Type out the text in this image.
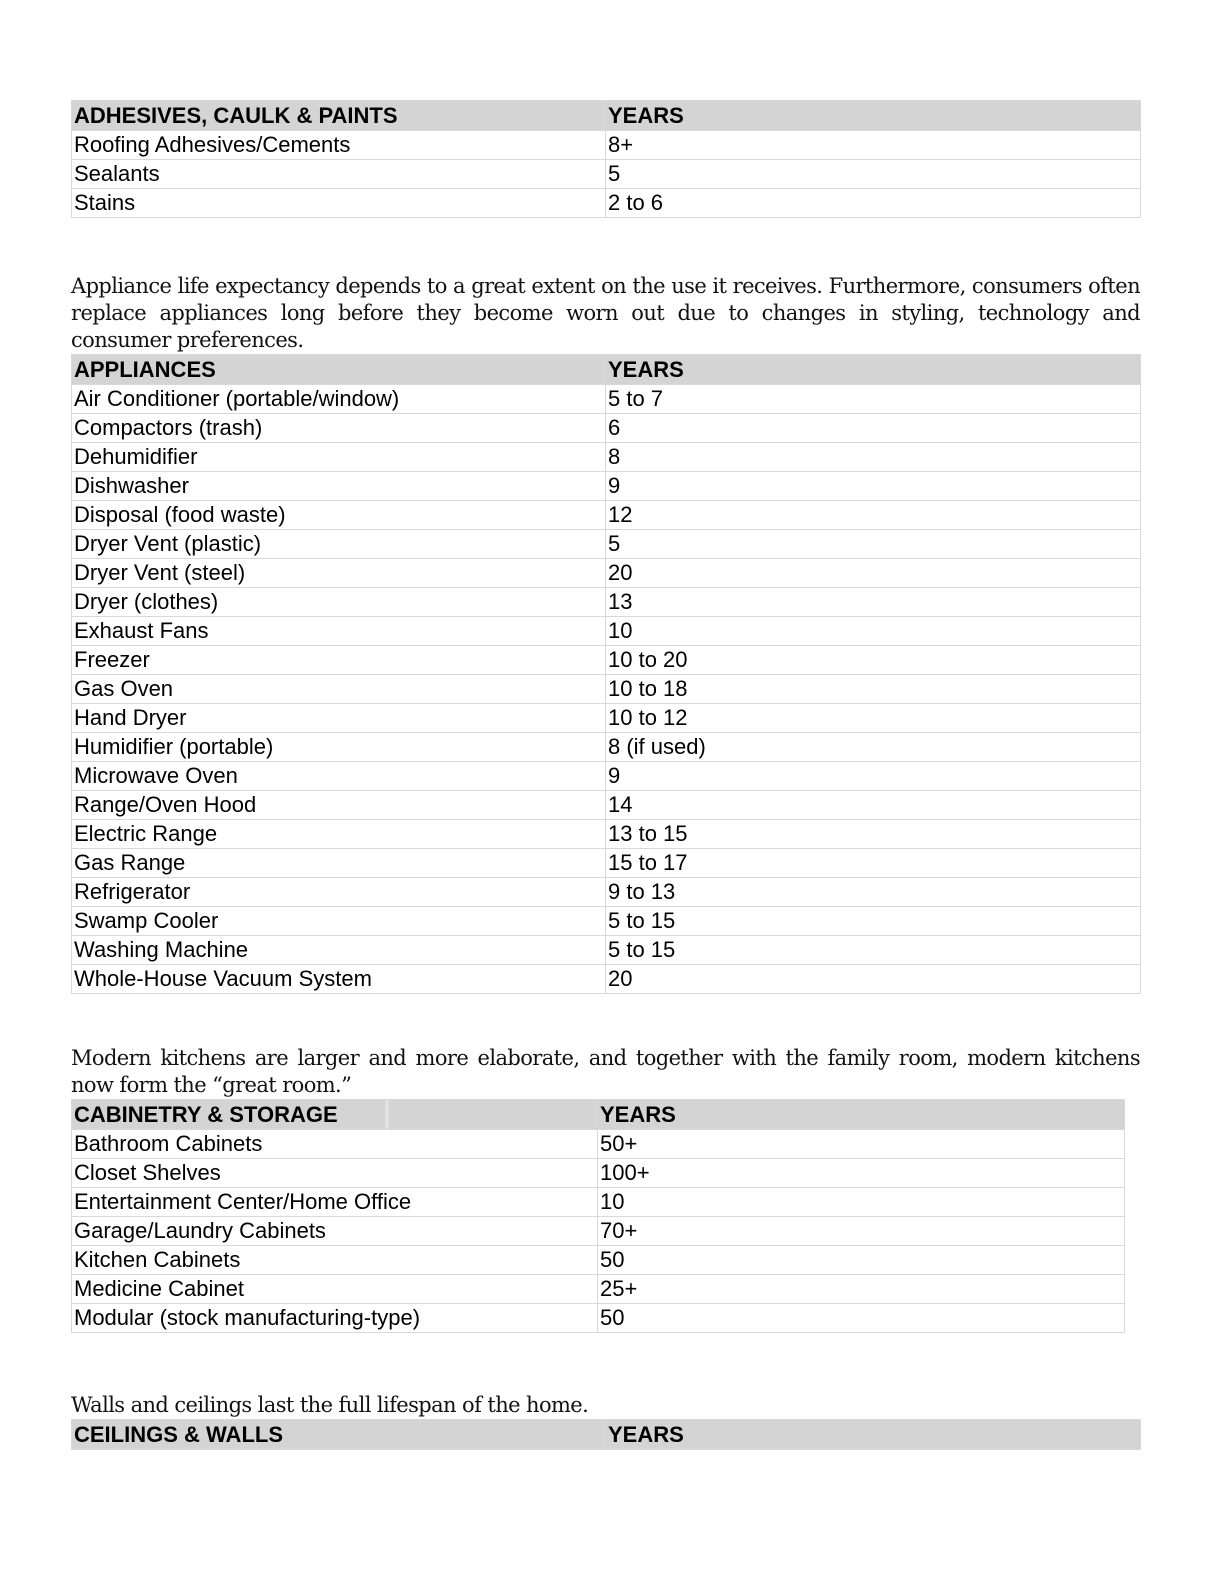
ADHESIVES, CAULK & PAINTS	YEARS
Roofing Adhesives/Cements	8+
Sealants	5
Stains	2 to 6

Appliance life expectancy depends to a great extent on the use it receives. Furthermore, consumers often replace appliances long before they become worn out due to changes in styling, technology and consumer preferences.

APPLIANCES	YEARS
Air Conditioner (portable/window)	5 to 7
Compactors (trash)	6
Dehumidifier	8
Dishwasher	9
Disposal (food waste)	12
Dryer Vent (plastic)	5
Dryer Vent (steel)	20
Dryer (clothes)	13
Exhaust Fans	10
Freezer	10 to 20
Gas Oven	10 to 18
Hand Dryer	10 to 12
Humidifier (portable)	8 (if used)
Microwave Oven	9
Range/Oven Hood	14
Electric Range	13 to 15
Gas Range	15 to 17
Refrigerator	9 to 13
Swamp Cooler	5 to 15
Washing Machine	5 to 15
Whole-House Vacuum System	20

Modern kitchens are larger and more elaborate, and together with the family room, modern kitchens now form the “great room.”

CABINETRY & STORAGE	YEARS
Bathroom Cabinets	50+
Closet Shelves	100+
Entertainment Center/Home Office	10
Garage/Laundry Cabinets	70+
Kitchen Cabinets	50
Medicine Cabinet	25+
Modular (stock manufacturing-type)	50

Walls and ceilings last the full lifespan of the home.

CEILINGS & WALLS	YEARS
